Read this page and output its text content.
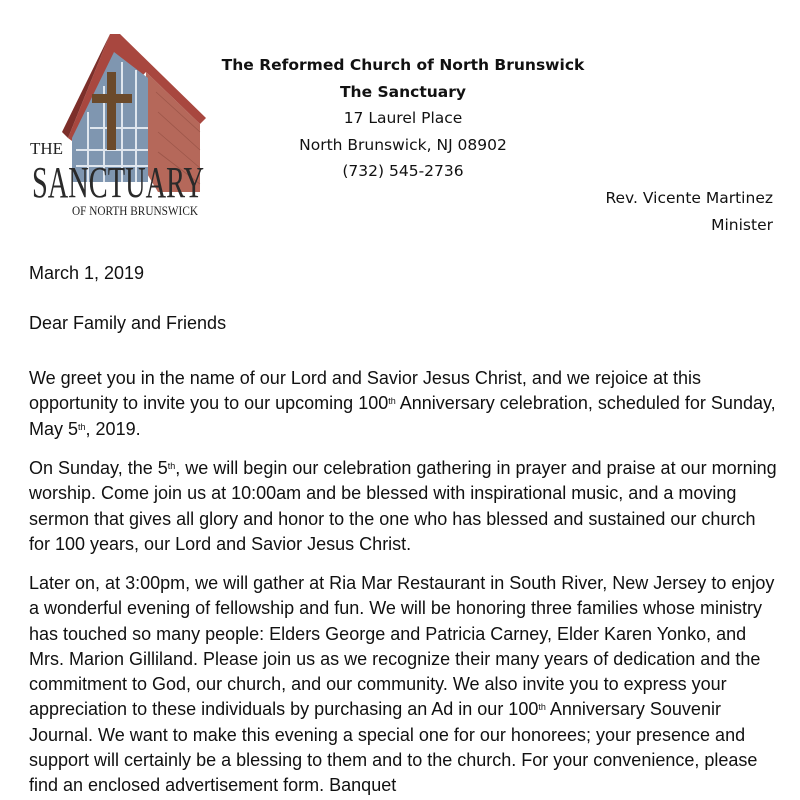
THE
SANCTUARY
OF NORTH BRUNSWICK
The Reformed Church of North Brunswick
The Sanctuary
17 Laurel Place
North Brunswick, NJ 08902
(732) 545-2736
Rev. Vicente Martinez
Minister
March 1, 2019
Dear Family and Friends

We greet you in the name of our Lord and Savior Jesus Christ, and we rejoice at this opportunity to invite you to our upcoming 100th Anniversary celebration, scheduled for Sunday, May 5th, 2019.

On Sunday, the 5th, we will begin our celebration gathering in prayer and praise at our morning worship. Come join us at 10:00am and be blessed with inspirational music, and a moving sermon that gives all glory and honor to the one who has blessed and sustained our church for 100 years, our Lord and Savior Jesus Christ.

Later on, at 3:00pm, we will gather at Ria Mar Restaurant in South River, New Jersey to enjoy a wonderful evening of fellowship and fun. We will be honoring three families whose ministry has touched so many people: Elders George and Patricia Carney, Elder Karen Yonko, and Mrs. Marion Gilliland. Please join us as we recognize their many years of dedication and the commitment to God, our church, and our community. We also invite you to express your appreciation to these individuals by purchasing an Ad in our 100th Anniversary Souvenir Journal. We want to make this evening a special one for our honorees; your presence and support will certainly be a blessing to them and to the church. For your convenience, please find an enclosed advertisement form. Banquet
